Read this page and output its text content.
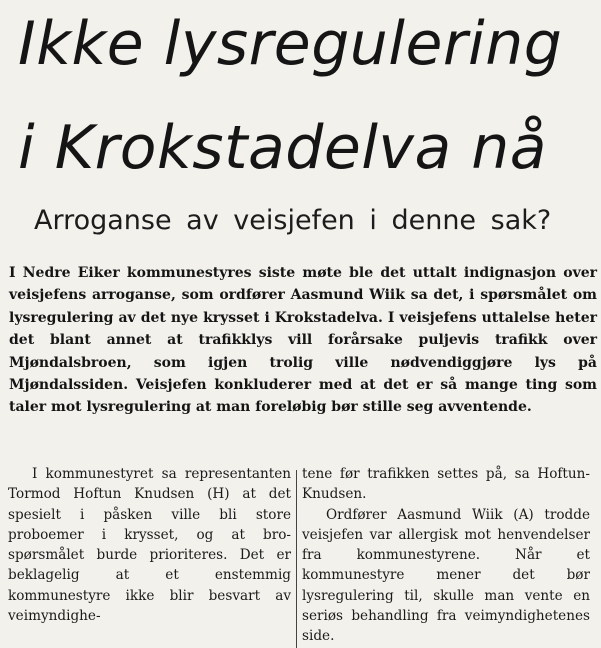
Ikke lysregulering
i Krokstadelva nå
Arroganse av veisjefen i denne sak?
I Nedre Eiker kommunestyres siste møte ble det uttalt indignasjon over veisjefens arroganse, som ordfører Aasmund Wiik sa det, i spørsmålet om lysregulering av det nye krysset i Krokstadelva. I veisjefens uttalelse heter det blant annet at trafikklys vill forårsake puljevis trafikk over Mjøndalsbroen, som igjen trolig ville nødvendiggjøre lys på Mjøndalssiden. Veisjefen konkluderer med at det er så mange ting som taler mot lysregulering at man foreløbig bør stille seg avventende.

I kommunestyret sa representanten Tormod Hoftun Knudsen (H) at det spesielt i påsken ville bli store proboemer i krysset, og at bro-spørsmålet burde prioriteres. Det er beklagelig at et enstemmig kommunestyre ikke blir besvart av veimyndighe-

tene før trafikken settes på, sa Hoftun-Knudsen.

Ordfører Aasmund Wiik (A) trodde veisjefen var allergisk mot henvendelser fra kommunestyrene. Når et kommunestyre mener det bør lysregulering til, skulle man vente en seriøs behandling fra veimyndighetenes side.
